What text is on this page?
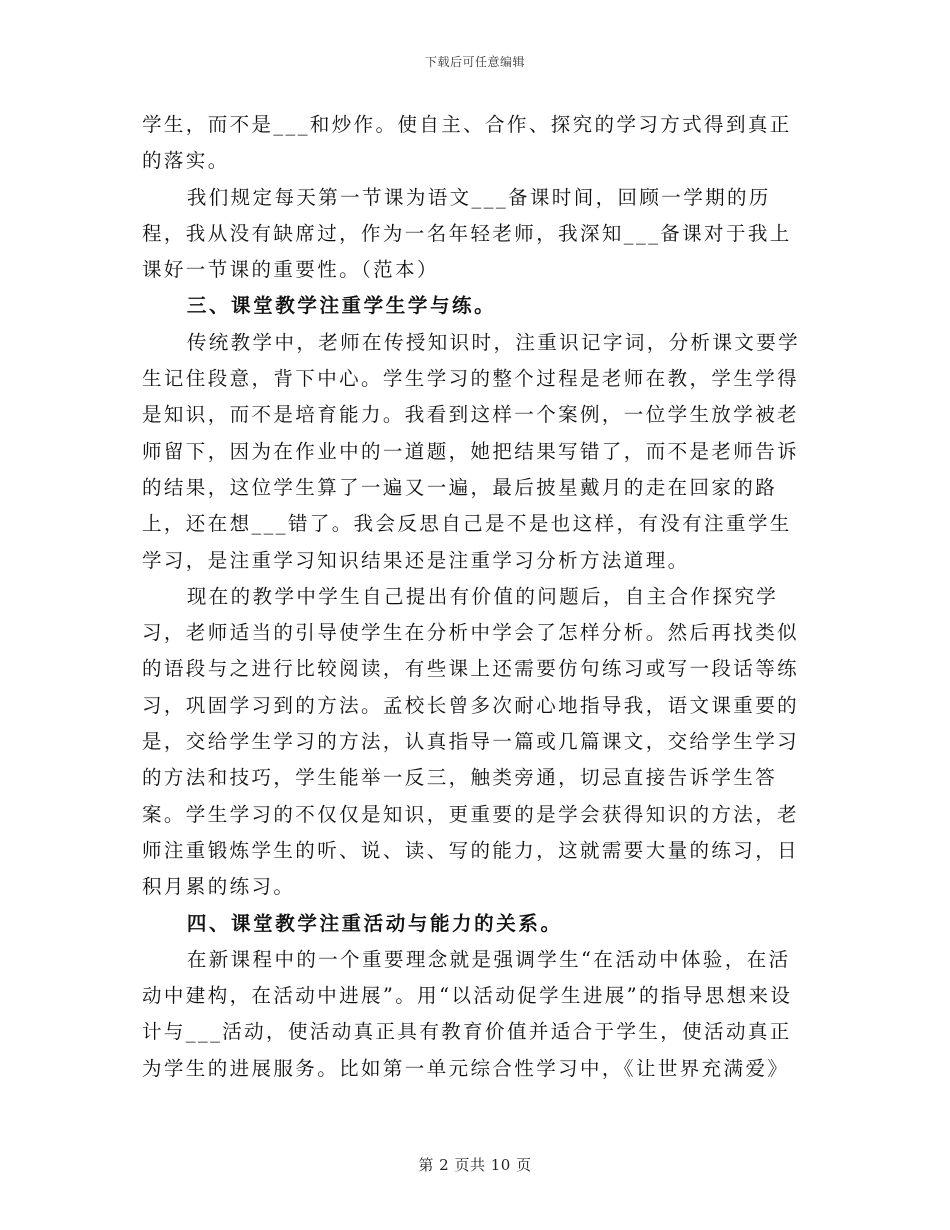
下载后可任意编辑

学生，而不是___和炒作。使自主、合作、探究的学习方式得到真正的落实。

我们规定每天第一节课为语文___备课时间，回顾一学期的历程，我从没有缺席过，作为一名年轻老师，我深知___备课对于我上课好一节课的重要性。（范本）

三、课堂教学注重学生学与练。

传统教学中，老师在传授知识时，注重识记字词，分析课文要学生记住段意，背下中心。学生学习的整个过程是老师在教，学生学得是知识，而不是培育能力。我看到这样一个案例，一位学生放学被老师留下，因为在作业中的一道题，她把结果写错了，而不是老师告诉的结果，这位学生算了一遍又一遍，最后披星戴月的走在回家的路上，还在想___错了。我会反思自己是不是也这样，有没有注重学生学习，是注重学习知识结果还是注重学习分析方法道理。

现在的教学中学生自己提出有价值的问题后，自主合作探究学习，老师适当的引导使学生在分析中学会了怎样分析。然后再找类似的语段与之进行比较阅读，有些课上还需要仿句练习或写一段话等练习，巩固学习到的方法。孟校长曾多次耐心地指导我，语文课重要的是，交给学生学习的方法，认真指导一篇或几篇课文，交给学生学习的方法和技巧，学生能举一反三，触类旁通，切忌直接告诉学生答案。学生学习的不仅仅是知识，更重要的是学会获得知识的方法，老师注重锻炼学生的听、说、读、写的能力，这就需要大量的练习，日积月累的练习。

四、课堂教学注重活动与能力的关系。

在新课程中的一个重要理念就是强调学生“在活动中体验，在活动中建构，在活动中进展”。用“以活动促学生进展”的指导思想来设计与___活动，使活动真正具有教育价值并适合于学生，使活动真正为学生的进展服务。比如第一单元综合性学习中，《让世界充满爱》

第 2 页共 10 页
